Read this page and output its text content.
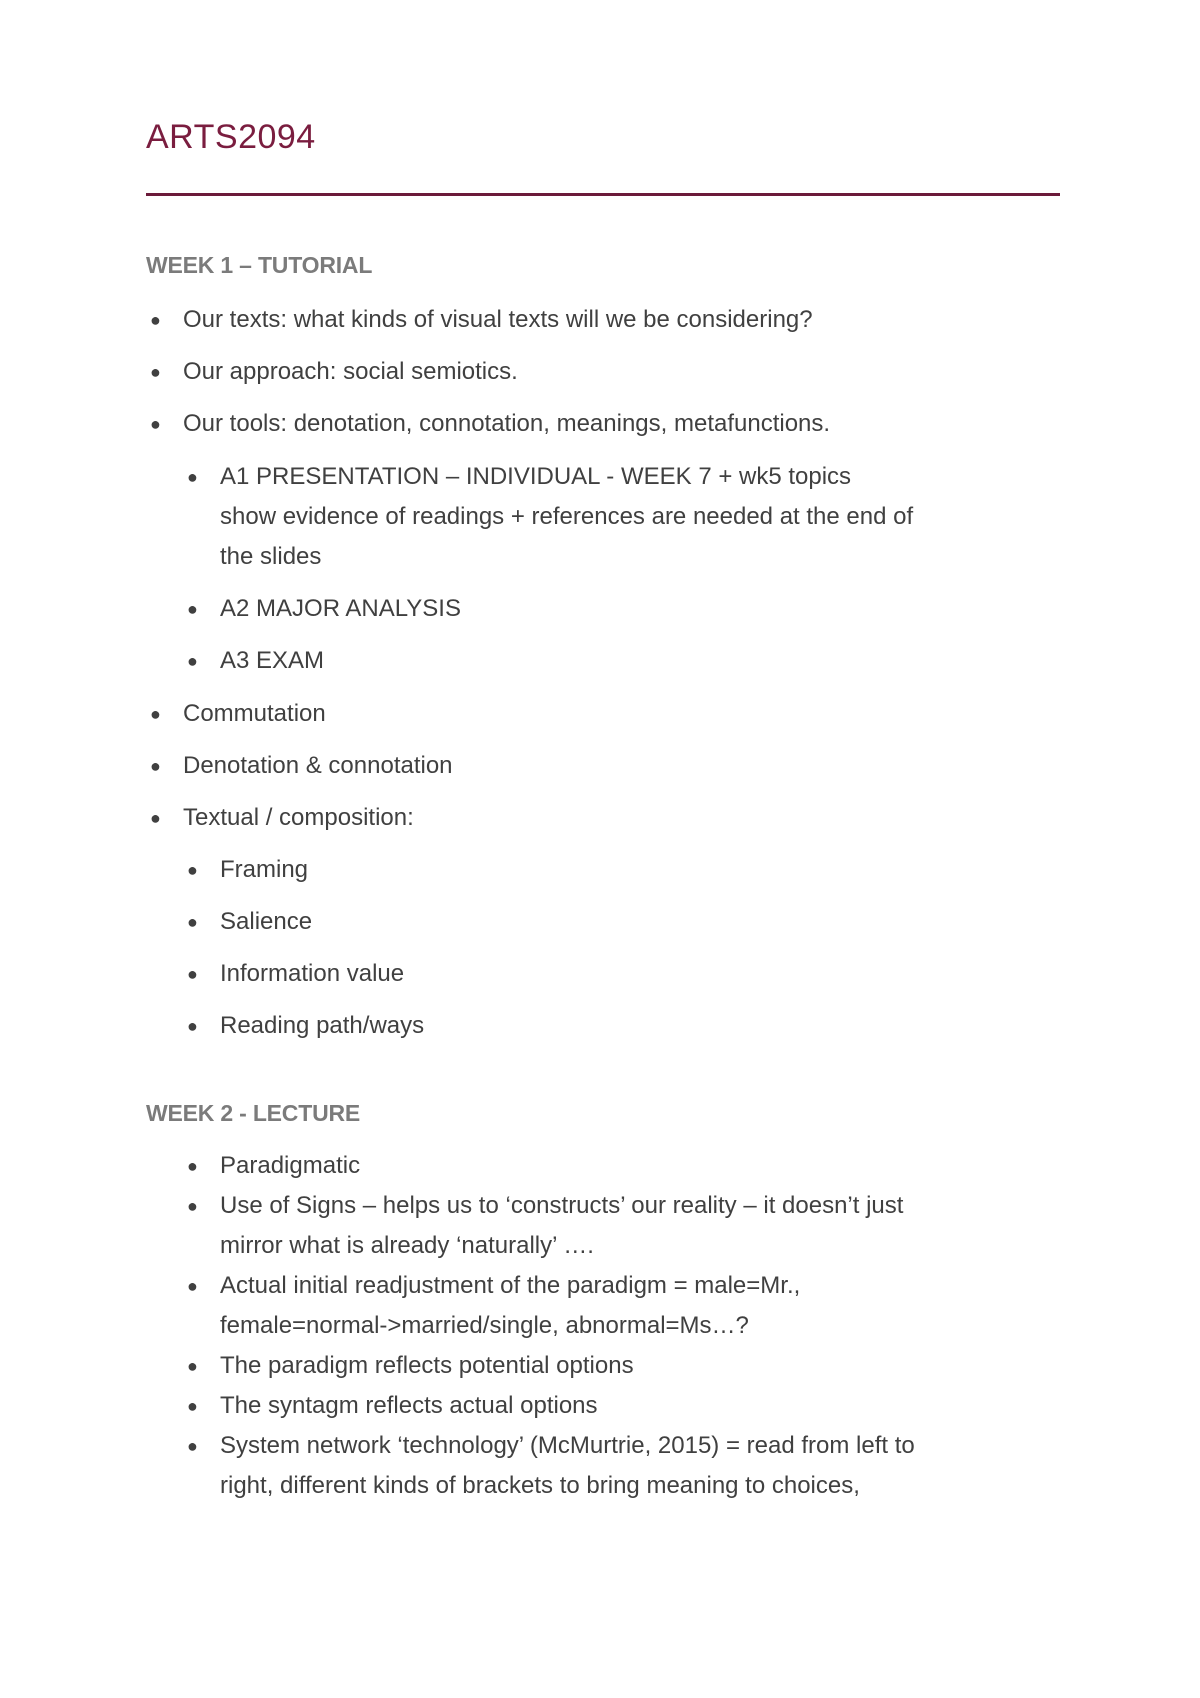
ARTS2094
WEEK 1 – TUTORIAL
● Our texts: what kinds of visual texts will we be considering?
● Our approach: social semiotics.
● Our tools: denotation, connotation, meanings, metafunctions.
● A1 PRESENTATION – INDIVIDUAL - WEEK 7 + wk5 topics
show evidence of readings + references are needed at the end of
the slides
● A2 MAJOR ANALYSIS
● A3 EXAM
● Commutation
● Denotation & connotation
● Textual / composition:
● Framing
● Salience
● Information value
● Reading path/ways
WEEK 2 - LECTURE
● Paradigmatic
● Use of Signs – helps us to ‘constructs’ our reality – it doesn’t just
mirror what is already ‘naturally’ ….
● Actual initial readjustment of the paradigm = male=Mr.,
female=normal->married/single, abnormal=Ms…?
● The paradigm reflects potential options
● The syntagm reflects actual options
● System network ‘technology’ (McMurtrie, 2015) = read from left to
right, different kinds of brackets to bring meaning to choices,
